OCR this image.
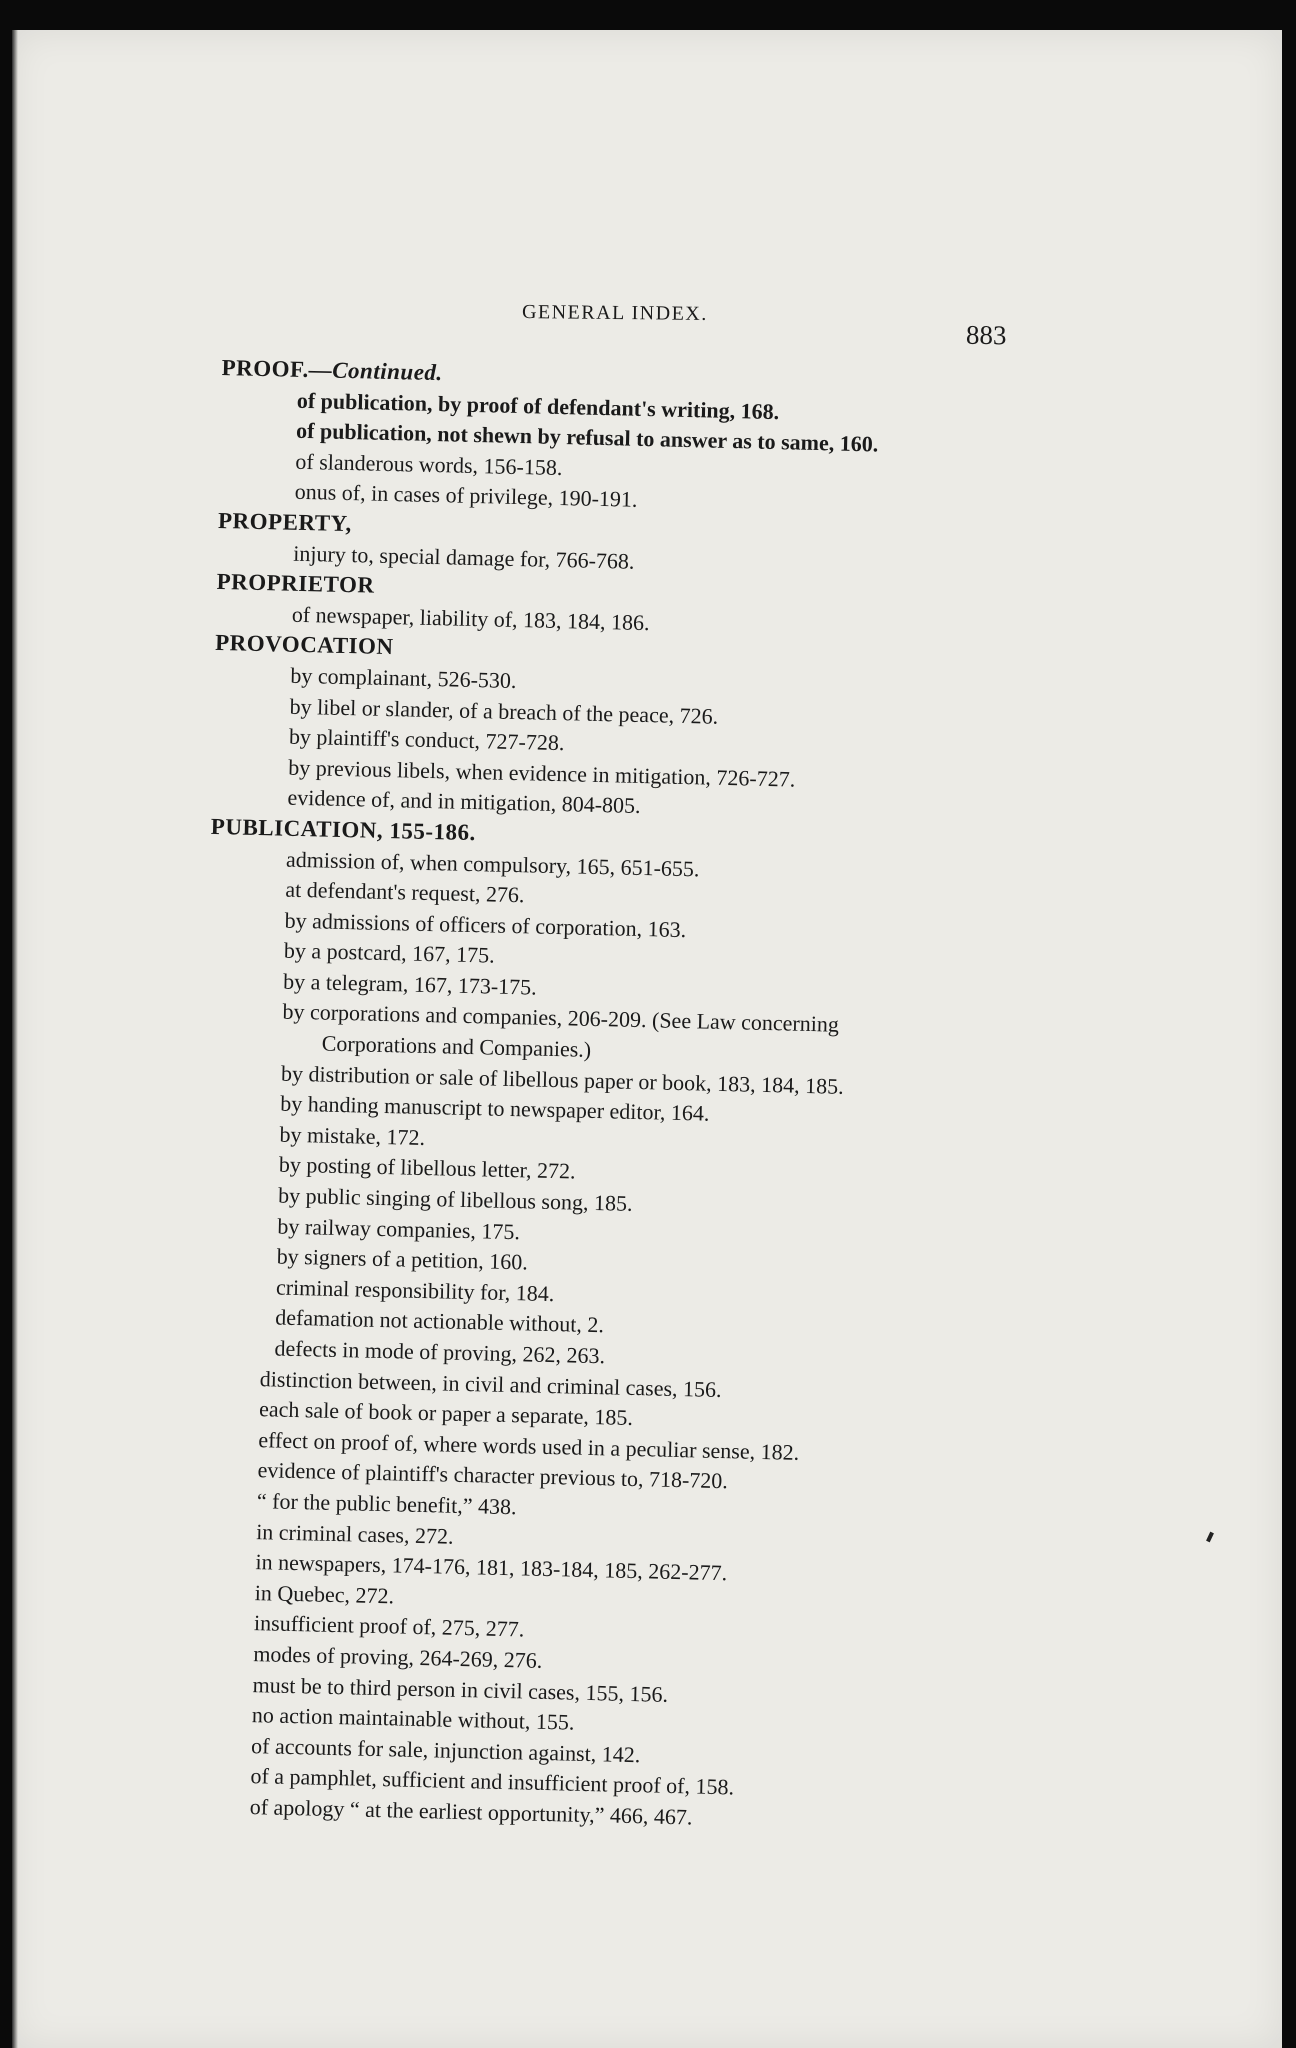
GENERAL INDEX.
883
PROOF.—Continued.
of publication, by proof of defendant's writing, 168.
of publication, not shewn by refusal to answer as to same, 160.
of slanderous words, 156-158.
onus of, in cases of privilege, 190-191.
PROPERTY,
injury to, special damage for, 766-768.
PROPRIETOR
of newspaper, liability of, 183, 184, 186.
PROVOCATION
by complainant, 526-530.
by libel or slander, of a breach of the peace, 726.
by plaintiff's conduct, 727-728.
by previous libels, when evidence in mitigation, 726-727.
evidence of, and in mitigation, 804-805.
PUBLICATION, 155-186.
admission of, when compulsory, 165, 651-655.
at defendant's request, 276.
by admissions of officers of corporation, 163.
by a postcard, 167, 175.
by a telegram, 167, 173-175.
by corporations and companies, 206-209. (See Law concerning
Corporations and Companies.)
by distribution or sale of libellous paper or book, 183, 184, 185.
by handing manuscript to newspaper editor, 164.
by mistake, 172.
by posting of libellous letter, 272.
by public singing of libellous song, 185.
by railway companies, 175.
by signers of a petition, 160.
criminal responsibility for, 184.
defamation not actionable without, 2.
defects in mode of proving, 262, 263.
distinction between, in civil and criminal cases, 156.
each sale of book or paper a separate, 185.
effect on proof of, where words used in a peculiar sense, 182.
evidence of plaintiff's character previous to, 718-720.
“ for the public benefit,” 438.
in criminal cases, 272.
in newspapers, 174-176, 181, 183-184, 185, 262-277.
in Quebec, 272.
insufficient proof of, 275, 277.
modes of proving, 264-269, 276.
must be to third person in civil cases, 155, 156.
no action maintainable without, 155.
of accounts for sale, injunction against, 142.
of a pamphlet, sufficient and insufficient proof of, 158.
of apology “ at the earliest opportunity,” 466, 467.
